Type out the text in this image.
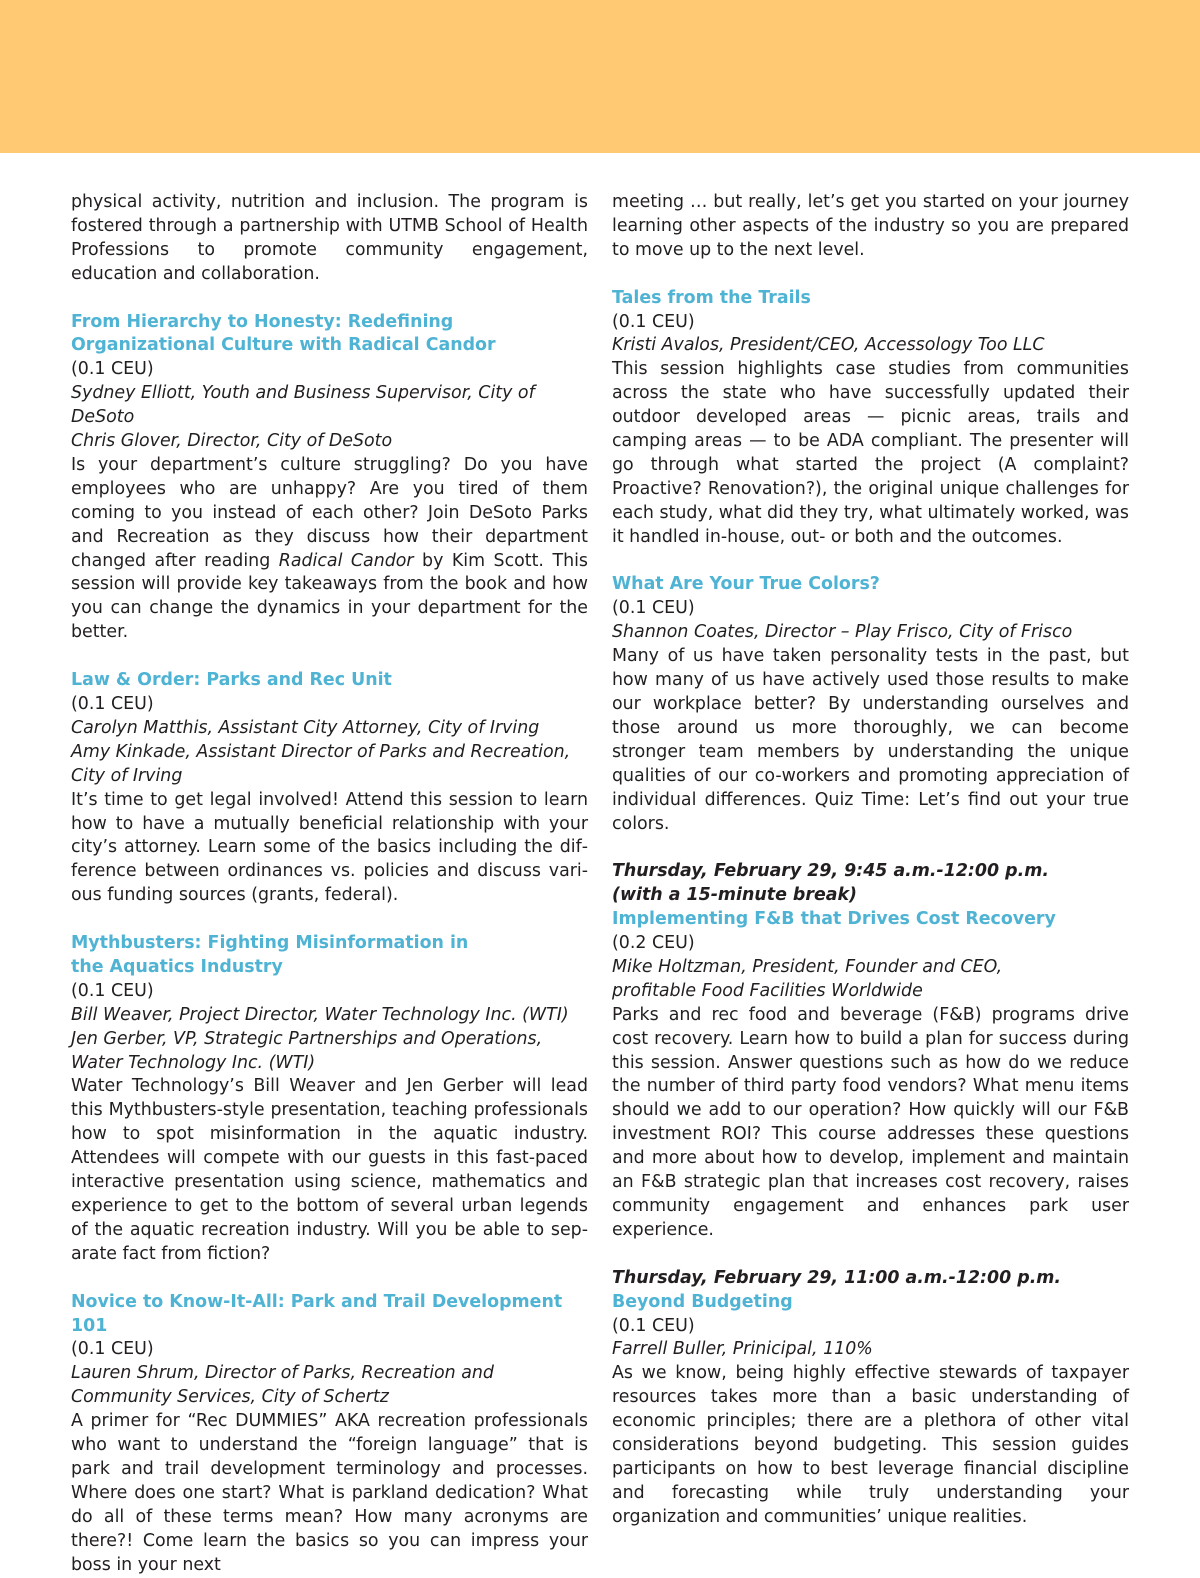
physical activity, nutrition and inclusion. The program is fostered through a partnership with UTMB School of Health Professions to promote community engagement, education and collaboration.

From Hierarchy to Honesty: Redefining
Organizational Culture with Radical Candor

(0.1 CEU)

Sydney Elliott, Youth and Business Supervisor, City of DeSoto

Chris Glover, Director, City of DeSoto

Is your department’s culture struggling? Do you have employees who are unhappy? Are you tired of them coming to you instead of each other? Join DeSoto Parks and Recreation as they discuss how their department changed after reading Radical Candor by Kim Scott. This session will provide key takeaways from the book and how you can change the dynamics in your department for the better.

Law & Order: Parks and Rec Unit

(0.1 CEU)

Carolyn Matthis, Assistant City Attorney, City of Irving

Amy Kinkade, Assistant Director of Parks and Recreation,

City of Irving

It’s time to get legal involved! Attend this session to learn how to have a mutually beneficial relationship with your city’s attorney. Learn some of the basics including the difference between ordinances vs. policies and discuss various funding sources (grants, federal).

Mythbusters: Fighting Misinformation in
the Aquatics Industry

(0.1 CEU)

Bill Weaver, Project Director, Water Technology Inc. (WTI)

Jen Gerber, VP, Strategic Partnerships and Operations, Water Technology Inc. (WTI)

Water Technology’s Bill Weaver and Jen Gerber will lead this Mythbusters-style presentation, teaching professionals how to spot misinformation in the aquatic industry. Attendees will compete with our guests in this fast-paced interactive presentation using science, mathematics and experience to get to the bottom of several urban legends of the aquatic recreation industry. Will you be able to separate fact from fiction?

Novice to Know-It-All: Park and Trail Development 101

(0.1 CEU)

Lauren Shrum, Director of Parks, Recreation and

Community Services, City of Schertz

A primer for “Rec DUMMIES” AKA recreation professionals who want to understand the “foreign language” that is park and trail development terminology and processes. Where does one start? What is parkland dedication? What do all of these terms mean? How many acronyms are there?! Come learn the basics so you can impress your boss in your next

meeting … but really, let’s get you started on your journey learning other aspects of the industry so you are prepared to move up to the next level.

Tales from the Trails

(0.1 CEU)

Kristi Avalos, President/CEO, Accessology Too LLC

This session highlights case studies from communities across the state who have successfully updated their outdoor developed areas — picnic areas, trails and camping areas — to be ADA compliant. The presenter will go through what started the project (A complaint? Proactive? Renovation?), the original unique challenges for each study, what did they try, what ultimately worked, was it handled in-house, out- or both and the outcomes.

What Are Your True Colors?

(0.1 CEU)

Shannon Coates, Director – Play Frisco, City of Frisco

Many of us have taken personality tests in the past, but how many of us have actively used those results to make our workplace better? By understanding ourselves and those around us more thoroughly, we can become stronger team members by understanding the unique qualities of our co-workers and promoting appreciation of individual differences. Quiz Time: Let’s find out your true colors.

Thursday, February 29, 9:45 a.m.-12:00 p.m.

(with a 15-minute break)

Implementing F&B that Drives Cost Recovery

(0.2 CEU)

Mike Holtzman, President, Founder and CEO,

profitable Food Facilities Worldwide

Parks and rec food and beverage (F&B) programs drive cost recovery. Learn how to build a plan for success during this session. Answer questions such as how do we reduce the number of third party food vendors? What menu items should we add to our operation? How quickly will our F&B investment ROI? This course addresses these questions and more about how to develop, implement and maintain an F&B strategic plan that increases cost recovery, raises community engagement and enhances park user experience.

Thursday, February 29, 11:00 a.m.-12:00 p.m.

Beyond Budgeting

(0.1 CEU)

Farrell Buller, Prinicipal, 110%

As we know, being highly effective stewards of taxpayer resources takes more than a basic understanding of economic principles; there are a plethora of other vital considerations beyond budgeting. This session guides participants on how to best leverage financial discipline and forecasting while truly understanding your organization and communities’ unique realities.
